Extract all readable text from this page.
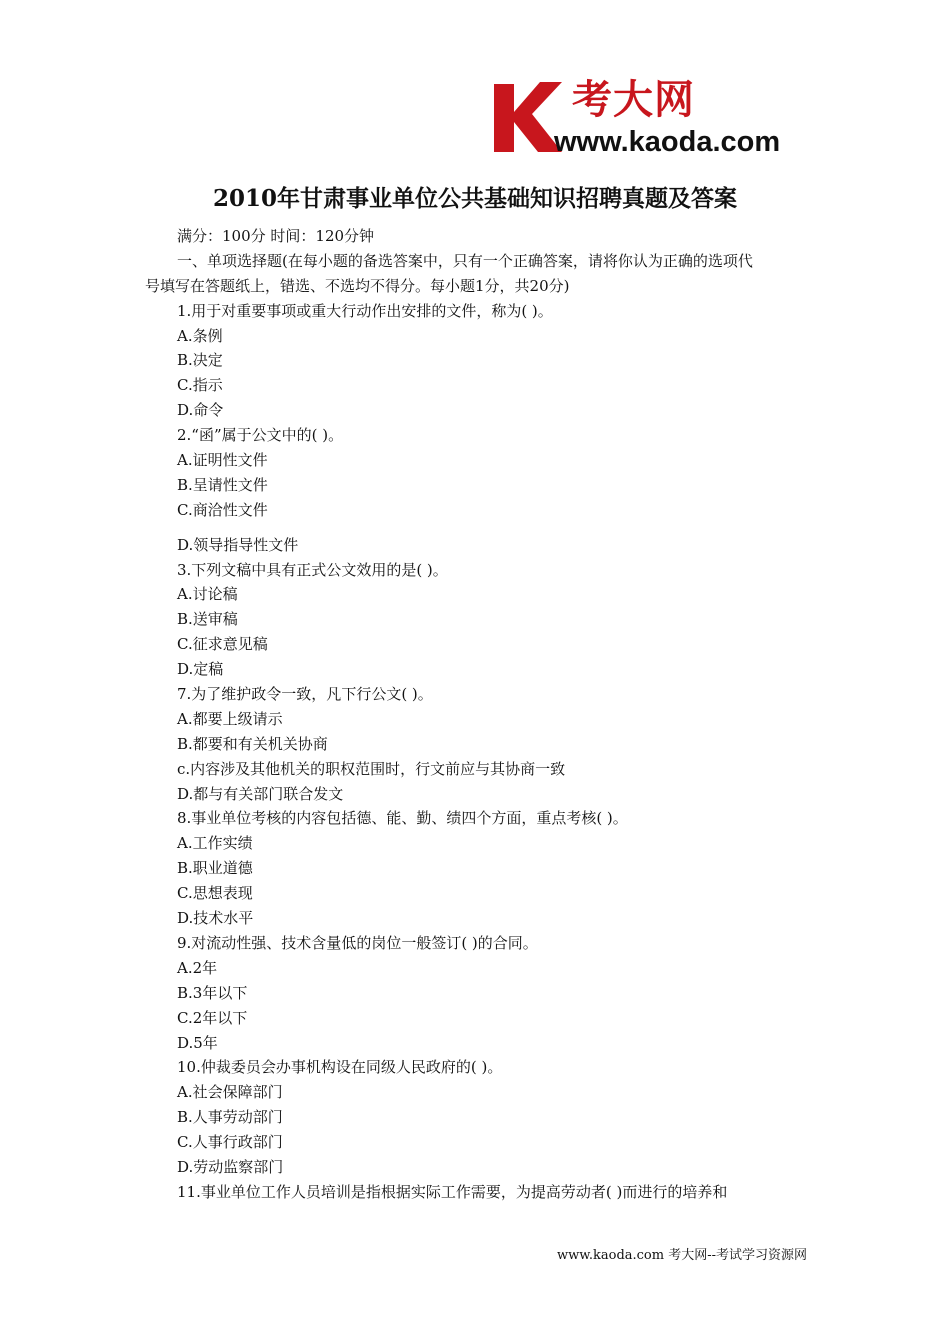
考大网
www.kaoda.com
2010年甘肃事业单位公共基础知识招聘真题及答案
满分：100分 时间：120分钟
一、单项选择题(在每小题的备选答案中，只有一个正确答案，请将你认为正确的选项代
号填写在答题纸上，错选、不选均不得分。每小题1分，共20分)
1.用于对重要事项或重大行动作出安排的文件，称为( )。
A.条例
B.决定
C.指示
D.命令
2.“函”属于公文中的( )。
A.证明性文件
B.呈请性文件
C.商洽性文件
D.领导指导性文件
3.下列文稿中具有正式公文效用的是( )。
A.讨论稿
B.送审稿
C.征求意见稿
D.定稿
7.为了维护政令一致，凡下行公文( )。
A.都要上级请示
B.都要和有关机关协商
c.内容涉及其他机关的职权范围时，行文前应与其协商一致
D.都与有关部门联合发文
8.事业单位考核的内容包括德、能、勤、绩四个方面，重点考核( )。
A.工作实绩
B.职业道德
C.思想表现
D.技术水平
9.对流动性强、技术含量低的岗位一般签订( )的合同。
A.2年
B.3年以下
C.2年以下
D.5年
10.仲裁委员会办事机构设在同级人民政府的( )。
A.社会保障部门
B.人事劳动部门
C.人事行政部门
D.劳动监察部门
11.事业单位工作人员培训是指根据实际工作需要，为提高劳动者( )而进行的培养和
www.kaoda.com 考大网--考试学习资源网
